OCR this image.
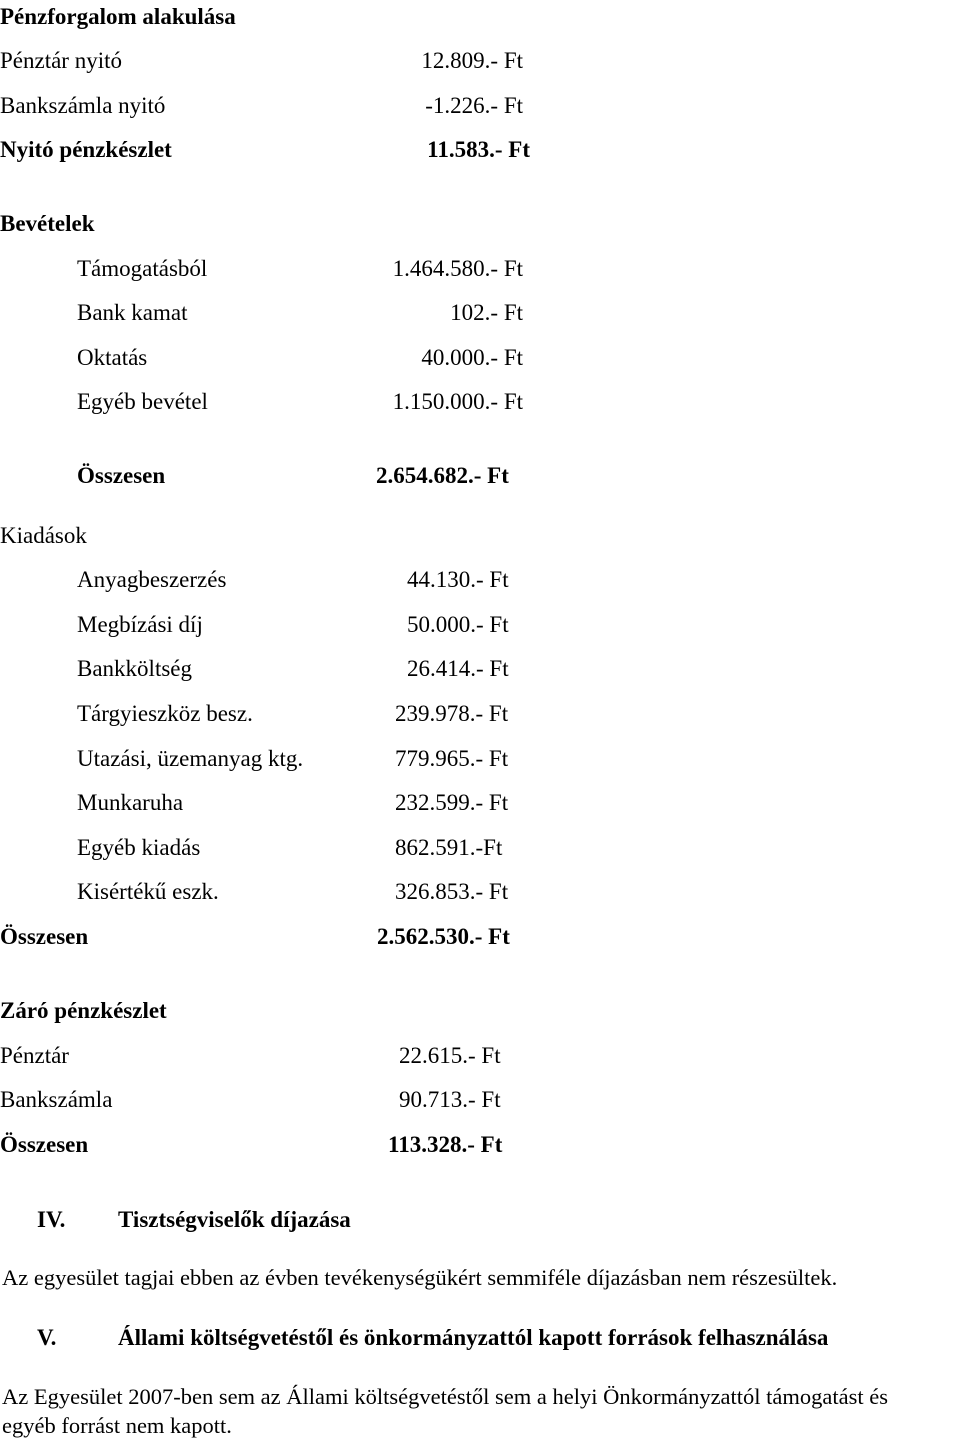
Pénzforgalom alakulása
Pénztár nyitó	12.809.- Ft
Bankszámla nyitó	-1.226.- Ft
Nyitó pénzkészlet	11.583.- Ft
Bevételek
Támogatásból	1.464.580.- Ft
Bank kamat	102.- Ft
Oktatás	40.000.- Ft
Egyéb bevétel	1.150.000.- Ft
Összesen	2.654.682.- Ft
Kiadások
Anyagbeszerzés	44.130.- Ft
Megbízási díj	50.000.- Ft
Bankköltség	26.414.- Ft
Tárgyieszköz besz.	239.978.- Ft
Utazási, üzemanyag ktg.	779.965.- Ft
Munkaruha	232.599.- Ft
Egyéb kiadás	862.591.-Ft
Kisértékű eszk.	326.853.- Ft
Összesen	2.562.530.- Ft
Záró pénzkészlet
Pénztár	22.615.- Ft
Bankszámla	90.713.- Ft
Összesen	113.328.- Ft
IV. Tisztségviselők díjazása
Az egyesület tagjai ebben az évben tevékenységükért semmiféle díjazásban nem részesültek.
V.	Állami költségvetéstől és önkormányzattól kapott források felhasználása
Az Egyesület 2007-ben sem az Állami költségvetéstől sem a helyi Önkormányzattól támogatást és egyéb forrást nem kapott.
